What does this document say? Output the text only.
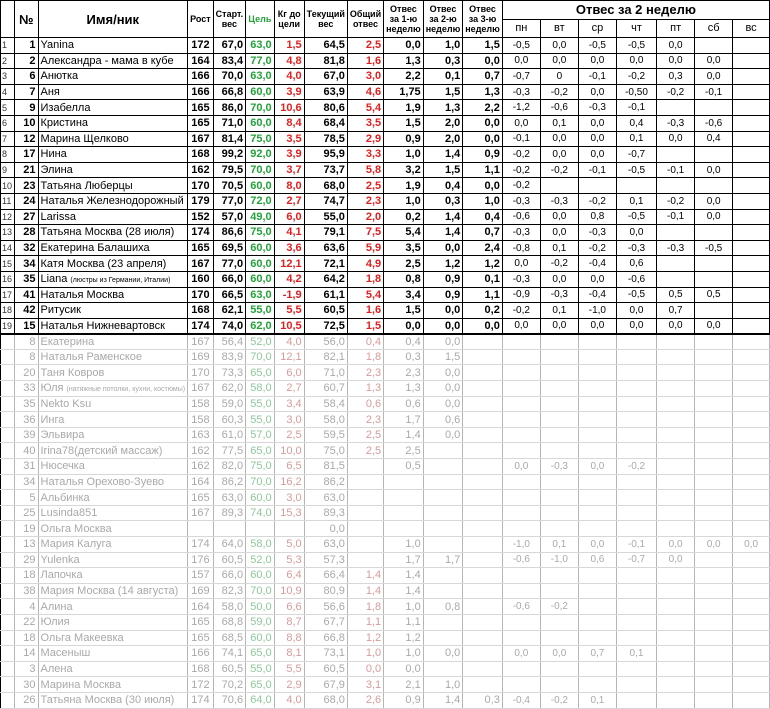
	№	Имя/ник	Рост	Старт. вес	Цель	Кг до цели	Текущий вес	Общий отвес	Отвес за 1-ю неделю	Отвес за 2-ю неделю	Отвес за 3-ю неделю	Отвес за 2 неделю						
												пн	вт	ср	чт	пт	сб	вс
1	1	Yanina	172	67,0	63,0	1,5	64,5	2,5	0,0	1,0	1,5	-0,5	0,0	-0,5	-0,5	0,0		
2	2	Александра - мама в кубе	164	83,4	77,0	4,8	81,8	1,6	1,3	0,3	0,0	0,0	0,0	0,0	0,0	0,0	0,0	
3	6	Анютка	166	70,0	63,0	4,0	67,0	3,0	2,2	0,1	0,7	-0,7	0	-0,1	-0,2	0,3	0,0	
4	7	Аня	166	66,8	60,0	3,9	63,9	4,6	1,75	1,5	1,3	-0,3	-0,2	0,0	-0,50	-0,2	-0,1	
5	9	Изабелла	165	86,0	70,0	10,6	80,6	5,4	1,9	1,3	2,2	-1,2	-0,6	-0,3	-0,1			
6	10	Кристина	165	71,0	60,0	8,4	68,4	3,5	1,5	2,0	0,0	0,0	0,1	0,0	0,4	-0,3	-0,6	
7	12	Марина Щелково	167	81,4	75,0	3,5	78,5	2,9	0,9	2,0	0,0	-0,1	0,0	0,0	0,1	0,0	0,4	
8	17	Нина	168	99,2	92,0	3,9	95,9	3,3	1,0	1,4	0,9	-0,2	0,0	0,0	-0,7			
9	21	Элина	162	79,5	70,0	3,7	73,7	5,8	3,2	1,5	1,1	-0,2	-0,2	-0,1	-0,5	-0,1	0,0	
10	23	Татьяна Люберцы	170	70,5	60,0	8,0	68,0	2,5	1,9	0,4	0,0	-0,2						
11	24	Наталья Железнодорожный	179	77,0	72,0	2,7	74,7	2,3	1,0	0,3	1,0	-0,3	-0,3	-0,2	0,1	-0,2	0,0	
12	27	Larissa	152	57,0	49,0	6,0	55,0	2,0	0,2	1,4	0,4	-0,6	0,0	0,8	-0,5	-0,1	0,0	
13	28	Татьяна Москва (28 июля)	174	86,6	75,0	4,1	79,1	7,5	5,4	1,4	0,7	-0,3	0,0	-0,3	0,0			
14	32	Екатерина Балашиха	165	69,5	60,0	3,6	63,6	5,9	3,5	0,0	2,4	-0,8	0,1	-0,2	-0,3	-0,3	-0,5	
15	34	Катя Москва (23 апреля)	167	77,0	60,0	12,1	72,1	4,9	2,5	1,2	1,2	0,0	-0,2	-0,4	0,6			
16	35	Liana (люстры из Германии, Италии)	160	66,0	60,0	4,2	64,2	1,8	0,8	0,9	0,1	-0,3	0,0	0,0	-0,6			
17	41	Наталья Москва	170	66,5	63,0	-1,9	61,1	5,4	3,4	0,9	1,1	-0,9	-0,3	-0,4	-0,5	0,5	0,5	
18	42	Ритусик	168	62,1	55,0	5,5	60,5	1,6	1,5	0,0	0,2	-0,2	0,1	-1,0	0,0	0,7		
19	15	Наталья Нижневартовск	174	74,0	62,0	10,5	72,5	1,5	0,0	0,0	0,0	0,0	0,0	0,0	0,0	0,0	0,0	
	8	Екатерина	167	56,4	52,0	4,0	56,0	0,4	0,4	0,0								
	8	Наталья Раменское	169	83,9	70,0	12,1	82,1	1,8	0,3	1,5								
	20	Таня Ковров	170	73,3	65,0	6,0	71,0	2,3	2,3	0,0								
	33	Юля (натяжные потолки, кухни, костюмы)	167	62,0	58,0	2,7	60,7	1,3	1,3	0,0								
	35	Nekto Ksu	158	59,0	55,0	3,4	58,4	0,6	0,6	0,0								
	36	Инга	158	60,3	55,0	3,0	58,0	2,3	1,7	0,6								
	39	Эльвира	163	61,0	57,0	2,5	59,5	2,5	1,4	0,0								
	40	Irina78(детский массаж)	162	77,5	65,0	10,0	75,0	2,5	2,5									
	31	Нюсечка	162	82,0	75,0	6,5	81,5		0,5			0,0	-0,3	0,0	-0,2			
	34	Наталья Орехово-Зуево	164	86,2	70,0	16,2	86,2											
	5	Альбинка	165	63,0	60,0	3,0	63,0											
	25	Lusinda851	167	89,3	74,0	15,3	89,3											
	19	Ольга Москва					0,0											
	13	Мария Калуга	174	64,0	58,0	5,0	63,0		1,0			-1,0	0,1	0,0	-0,1	0,0	0,0	0,0
	29	Yulenka	176	60,5	52,0	5,3	57,3		1,7	1,7		-0,6	-1,0	0,6	-0,7	0,0		
	18	Лапочка	157	66,0	60,0	6,4	66,4	1,4	1,4									
	38	Мария Москва (14 августа)	169	82,3	70,0	10,9	80,9	1,4	1,4									
	4	Алина	164	58,0	50,0	6,6	56,6	1,8	1,0	0,8		-0,6	-0,2					
	22	Юлия	165	68,8	59,0	8,7	67,7	1,1	1,1									
	18	Ольга Макеевка	165	68,5	60,0	8,8	66,8	1,2	1,2									
	14	Масеныш	166	74,1	65,0	8,1	73,1	1,0	1,0	0,0		0,0	0,0	0,7	0,1			
	3	Алена	168	60,5	55,0	5,5	60,5	0,0	0,0									
	30	Марина Москва	172	70,2	65,0	2,9	67,9	3,1	2,1	1,0								
	26	Татьяна Москва (30 июля)	174	70,6	64,0	4,0	68,0	2,6	0,9	1,4	0,3	-0,4	-0,2	0,1				
